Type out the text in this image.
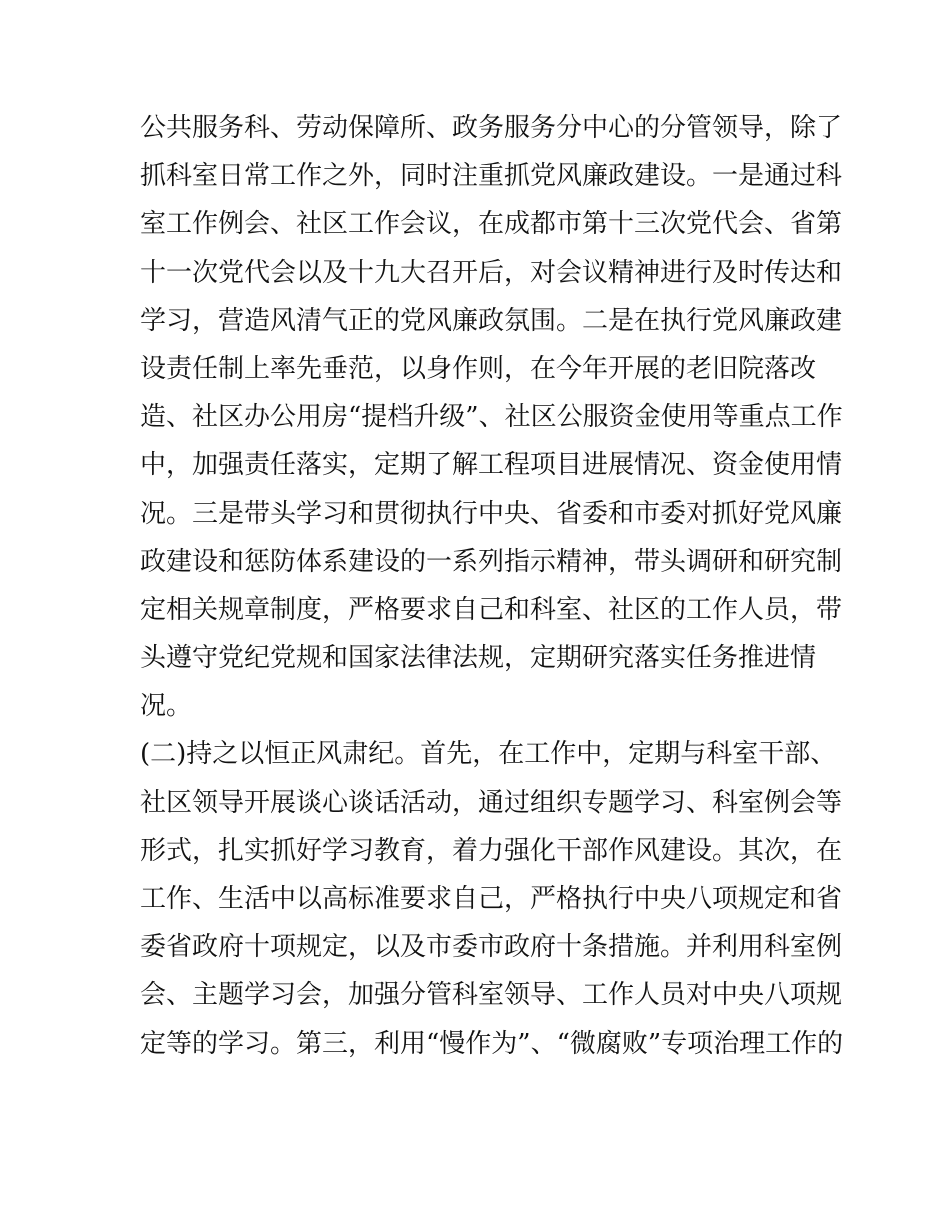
公共服务科、劳动保障所、政务服务分中心的分管领导，除了
抓科室日常工作之外，同时注重抓党风廉政建设。一是通过科
室工作例会、社区工作会议，在成都市第十三次党代会、省第
十一次党代会以及十九大召开后，对会议精神进行及时传达和
学习，营造风清气正的党风廉政氛围。二是在执行党风廉政建
设责任制上率先垂范，以身作则，在今年开展的老旧院落改
造、社区办公用房“提档升级”、社区公服资金使用等重点工作
中，加强责任落实，定期了解工程项目进展情况、资金使用情
况。三是带头学习和贯彻执行中央、省委和市委对抓好党风廉
政建设和惩防体系建设的一系列指示精神，带头调研和研究制
定相关规章制度，严格要求自己和科室、社区的工作人员，带
头遵守党纪党规和国家法律法规，定期研究落实任务推进情
况。
(二)持之以恒正风肃纪。首先，在工作中，定期与科室干部、
社区领导开展谈心谈话活动，通过组织专题学习、科室例会等
形式，扎实抓好学习教育，着力强化干部作风建设。其次，在
工作、生活中以高标准要求自己，严格执行中央八项规定和省
委省政府十项规定，以及市委市政府十条措施。并利用科室例
会、主题学习会，加强分管科室领导、工作人员对中央八项规
定等的学习。第三，利用“慢作为”、“微腐败”专项治理工作的
